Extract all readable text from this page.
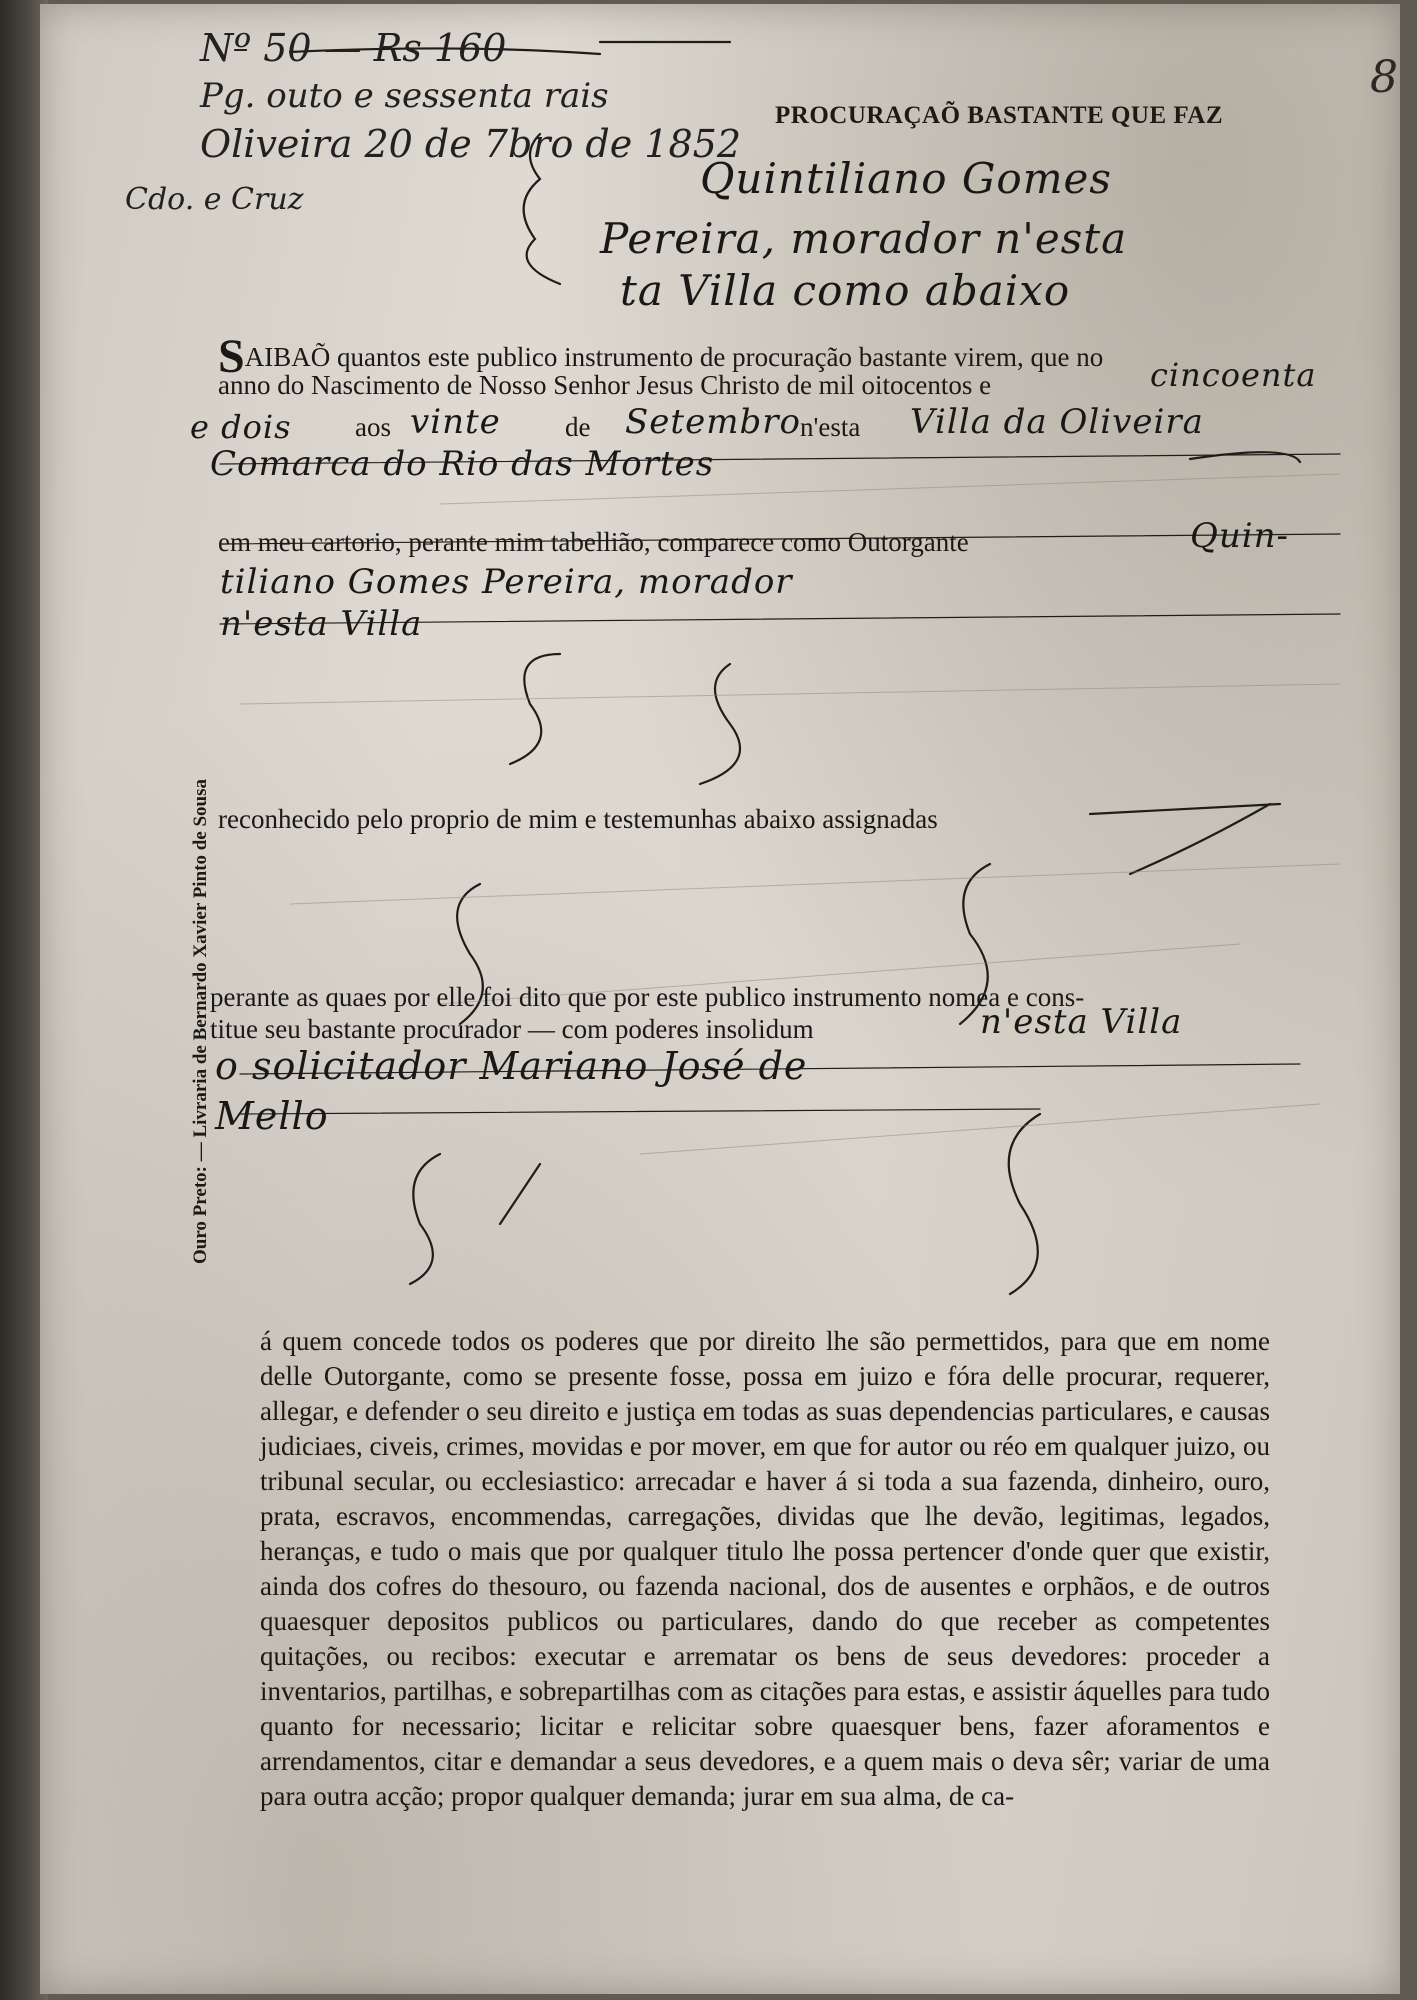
Nº 50 — Rs 160
Pg. outo e sessenta rais
Oliveira 20 de 7bro de 1852
Cdo. e Cruz
8
PROCURAÇAÕ BASTANTE QUE FAZ
Quintiliano Gomes
Pereira, morador n'esta
ta Villa como abaixo
SAIBAÕ quantos este publico instrumento de procuração bastante virem, que no
anno do Nascimento de Nosso Senhor Jesus Christo de mil oitocentos e	cincoenta
e dois aos vinte de Setembro n'esta Villa da Oliveira
Comarca do Rio das Mortes
em meu cartorio, perante mim tabellião, comparece como Outorgante	Quin-
tiliano Gomes Pereira, morador
n'esta Villa
reconhecido pelo proprio de mim e testemunhas abaixo assignadas
perante as quaes por elle foi dito que por este publico instrumento nomea e cons-
titue seu bastante procurador — com poderes insolidum	n'esta Villa
o solicitador Mariano José de
Mello
á quem concede todos os poderes que por direito lhe são permettidos, para que em nome delle Outorgante, como se presente fosse, possa em juizo e fóra delle procurar, requerer, allegar, e defender o seu direito e justiça em todas as suas dependencias particulares, e causas judiciaes, civeis, crimes, movidas e por mover, em que for autor ou réo em qualquer juizo, ou tribunal secular, ou ecclesiastico: arrecadar e haver á si toda a sua fazenda, dinheiro, ouro, prata, escravos, encommendas, carregações, dividas que lhe devão, legitimas, legados, heranças, e tudo o mais que por qualquer titulo lhe possa pertencer d'onde quer que existir, ainda dos cofres do thesouro, ou fazenda nacional, dos de ausentes e orphãos, e de outros quaesquer depositos publicos ou particulares, dando do que receber as competentes quitações, ou recibos: executar e arrematar os bens de seus devedores: proceder a inventarios, partilhas, e sobrepartilhas com as citações para estas, e assistir áquelles para tudo quanto for necessario; licitar e relicitar sobre quaesquer bens, fazer aforamentos e arrendamentos, citar e demandar a seus devedores, e a quem mais o deva sêr; variar de uma para outra acção; propor qualquer demanda; jurar em sua alma, de ca-
Ouro Preto: — Livraria de Bernardo Xavier Pinto de Sousa
